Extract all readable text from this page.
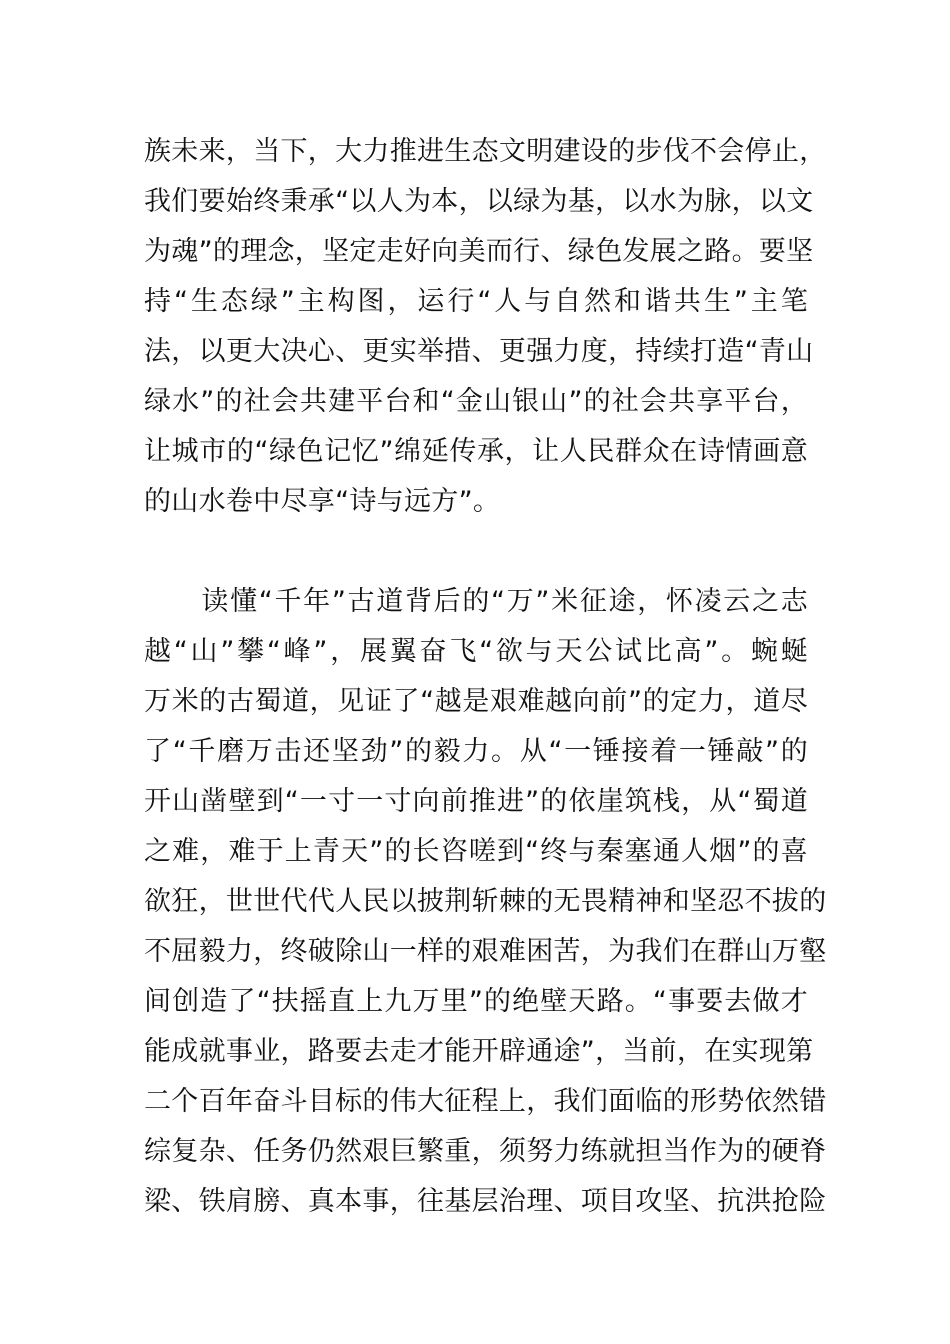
族未来，当下，大力推进生态文明建设的步伐不会停止，
我们要始终秉承“以人为本，以绿为基，以水为脉，以文
为魂”的理念，坚定走好向美而行、绿色发展之路。要坚
持“生态绿”主构图，运行“人与自然和谐共生”主笔
法，以更大决心、更实举措、更强力度，持续打造“青山
绿水”的社会共建平台和“金山银山”的社会共享平台，
让城市的“绿色记忆”绵延传承，让人民群众在诗情画意
的山水卷中尽享“诗与远方”。
　　读懂“千年”古道背后的“万”米征途，怀凌云之志
越“山”攀“峰”，展翼奋飞“欲与天公试比高”。蜿蜒
万米的古蜀道，见证了“越是艰难越向前”的定力，道尽
了“千磨万击还坚劲”的毅力。从“一锤接着一锤敲”的
开山凿壁到“一寸一寸向前推进”的依崖筑栈，从“蜀道
之难，难于上青天”的长咨嗟到“终与秦塞通人烟”的喜
欲狂，世世代代人民以披荆斩棘的无畏精神和坚忍不拔的
不屈毅力，终破除山一样的艰难困苦，为我们在群山万壑
间创造了“扶摇直上九万里”的绝壁天路。“事要去做才
能成就事业，路要去走才能开辟通途”，当前，在实现第
二个百年奋斗目标的伟大征程上，我们面临的形势依然错
综复杂、任务仍然艰巨繁重，须努力练就担当作为的硬脊
梁、铁肩膀、真本事，往基层治理、项目攻坚、抗洪抢险
